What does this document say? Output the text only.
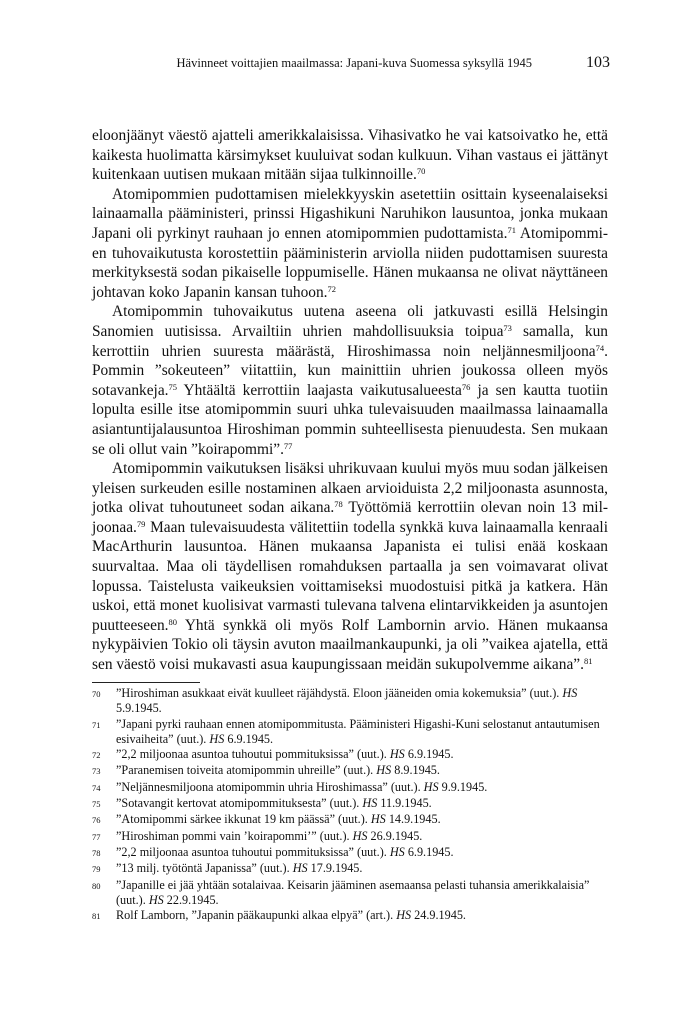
Hävinneet voittajien maailmassa: Japani-kuva Suomessa syksyllä 1945	103

eloonjäänyt väestö ajatteli amerikkalaisissa. Vihasivatko he vai katsoivatko he, että kaikesta huolimatta kärsimykset kuuluivat sodan kulkuun. Vihan vastaus ei jättänyt kuitenkaan uutisen mukaan mitään sijaa tulkinnoille.$^{70}$

Atomipommien pudottamisen mielekkyyskin asetettiin osittain kyseenalaiseksi lainaamalla pääministeri, prinssi Higashikuni Naruhikon lausuntoa, jonka mukaan Japani oli pyrkinyt rauhaan jo ennen atomipommien pudottamista.$^{71}$ Atomipommien tuhovaikutusta korostettiin pääministerin arviolla niiden pudottamisen suuresta merkityksestä sodan pikaiselle loppumiselle. Hänen mukaansa ne olivat näyttäneen johtavan koko Japanin kansan tuhoon.$^{72}$

Atomipommin tuhovaikutus uutena aseena oli jatkuvasti esillä Helsingin Sanomien uutisissa. Arvailtiin uhrien mahdollisuuksia toipua$^{73}$ samalla, kun kerrottiin uhrien suuresta määrästä, Hiroshimassa noin neljännesmiljoona$^{74}$. Pommin ”sokeuteen” viitattiin, kun mainittiin uhrien joukossa olleen myös sotavankeja.$^{75}$ Yhtäältä kerrottiin laajasta vaikutusalueesta$^{76}$ ja sen kautta tuotiin lopulta esille itse atomipommin suuri uhka tulevaisuuden maailmassa lainaamalla asiantuntijalausuntoa Hiroshiman pommin suhteellisesta pienuudesta. Sen mukaan se oli ollut vain ”koirapommi”.$^{77}$

Atomipommin vaikutuksen lisäksi uhrikuvaan kuului myös muu sodan jälkeisen yleisen surkeuden esille nostaminen alkaen arvioiduista 2,2 miljoonasta asunnosta, jotka olivat tuhoutuneet sodan aikana.$^{78}$ Työttömiä kerrottiin olevan noin 13 miljoonaa.$^{79}$ Maan tulevaisuudesta välitettiin todella synkkä kuva lainaamalla kenraali MacArthurin lausuntoa. Hänen mukaansa Japanista ei tulisi enää koskaan suurvaltaa. Maa oli täydellisen romahduksen partaalla ja sen voimavarat olivat lopussa. Taistelusta vaikeuksien voittamiseksi muodostuisi pitkä ja katkera. Hän uskoi, että monet kuolisivat varmasti tulevana talvena elintarvikkeiden ja asuntojen puutteeseen.$^{80}$ Yhtä synkkä oli myös Rolf Lambornin arvio. Hänen mukaansa nykypäivien Tokio oli täysin avuton maailmankaupunki, ja oli ”vaikea ajatella, että sen väestö voisi mukavasti asua kaupungissaan meidän sukupolvemme aikana”.$^{81}$

70	”Hiroshiman asukkaat eivät kuulleet räjähdystä. Eloon jääneiden omia kokemuksia” (uut.). HS 5.9.1945.
71	”Japani pyrki rauhaan ennen atomipommitusta. Pääministeri Higashi-Kuni selostanut antautumisen esivaiheita” (uut.). HS 6.9.1945.
72	”2,2 miljoonaa asuntoa tuhoutui pommituksissa” (uut.). HS 6.9.1945.
73	”Paranemisen toiveita atomipommin uhreille” (uut.). HS 8.9.1945.
74	”Neljännesmiljoona atomipommin uhria Hiroshimassa” (uut.). HS 9.9.1945.
75	”Sotavangit kertovat atomipommituksesta” (uut.). HS 11.9.1945.
76	”Atomipommi särkee ikkunat 19 km päässä” (uut.). HS 14.9.1945.
77	”Hiroshiman pommi vain ’koirapommi’” (uut.). HS 26.9.1945.
78	”2,2 miljoonaa asuntoa tuhoutui pommituksissa” (uut.). HS 6.9.1945.
79	”13 milj. työtöntä Japanissa” (uut.). HS 17.9.1945.
80	”Japanille ei jää yhtään sotalaivaa. Keisarin jääminen asemaansa pelasti tuhansia amerikkalaisia” (uut.). HS 22.9.1945.
81	Rolf Lamborn, ”Japanin pääkaupunki alkaa elpyä” (art.). HS 24.9.1945.
